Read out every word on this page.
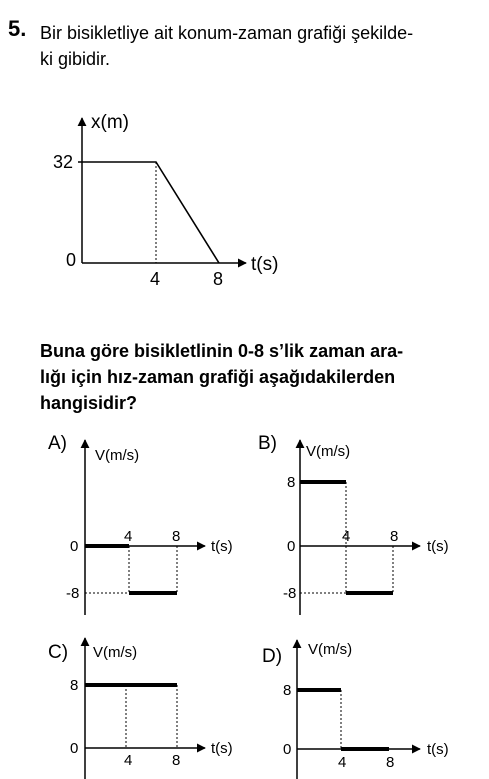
5. Bir bisikletliye ait konum-zaman grafiği şekilde-
ki gibidir.
x(m)
t(s)
32
0
4	8
Buna göre bisikletlinin 0-8 s’lik zaman ara-
lığı için hız-zaman grafiği aşağıdakilerden
hangisidir?
A)
V(m/s)
t(s)
0
-8
4	8
B) V(m/s)
t(s)
8
0
-8
4	8
C) V(m/s)
t(s)
8
0
4	8
D) V(m/s)
t(s)
8
0
4	8
